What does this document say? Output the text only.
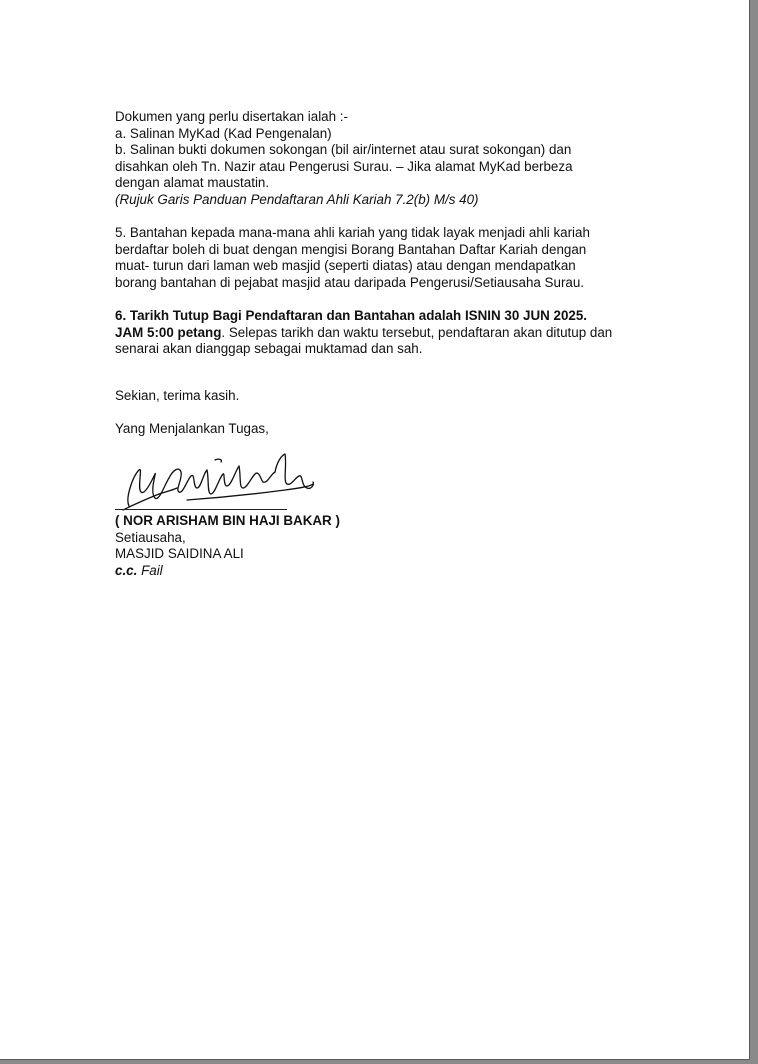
Dokumen yang perlu disertakan ialah :-
a. Salinan MyKad (Kad Pengenalan)
b. Salinan bukti dokumen sokongan (bil air/internet atau surat sokongan) dan
disahkan oleh Tn. Nazir atau Pengerusi Surau. – Jika alamat MyKad berbeza
dengan alamat maustatin.
(Rujuk Garis Panduan Pendaftaran Ahli Kariah 7.2(b) M/s 40)
5. Bantahan kepada mana-mana ahli kariah yang tidak layak menjadi ahli kariah
berdaftar boleh di buat dengan mengisi Borang Bantahan Daftar Kariah dengan
muat- turun dari laman web masjid (seperti diatas) atau dengan mendapatkan
borang bantahan di pejabat masjid atau daripada Pengerusi/Setiausaha Surau.
6. Tarikh Tutup Bagi Pendaftaran dan Bantahan adalah ISNIN 30 JUN 2025.
JAM 5:00 petang. Selepas tarikh dan waktu tersebut, pendaftaran akan ditutup dan
senarai akan dianggap sebagai muktamad dan sah.
Sekian, terima kasih.
Yang Menjalankan Tugas,
( NOR ARISHAM BIN HAJI BAKAR )
Setiausaha,
MASJID SAIDINA ALI
c.c. Fail
